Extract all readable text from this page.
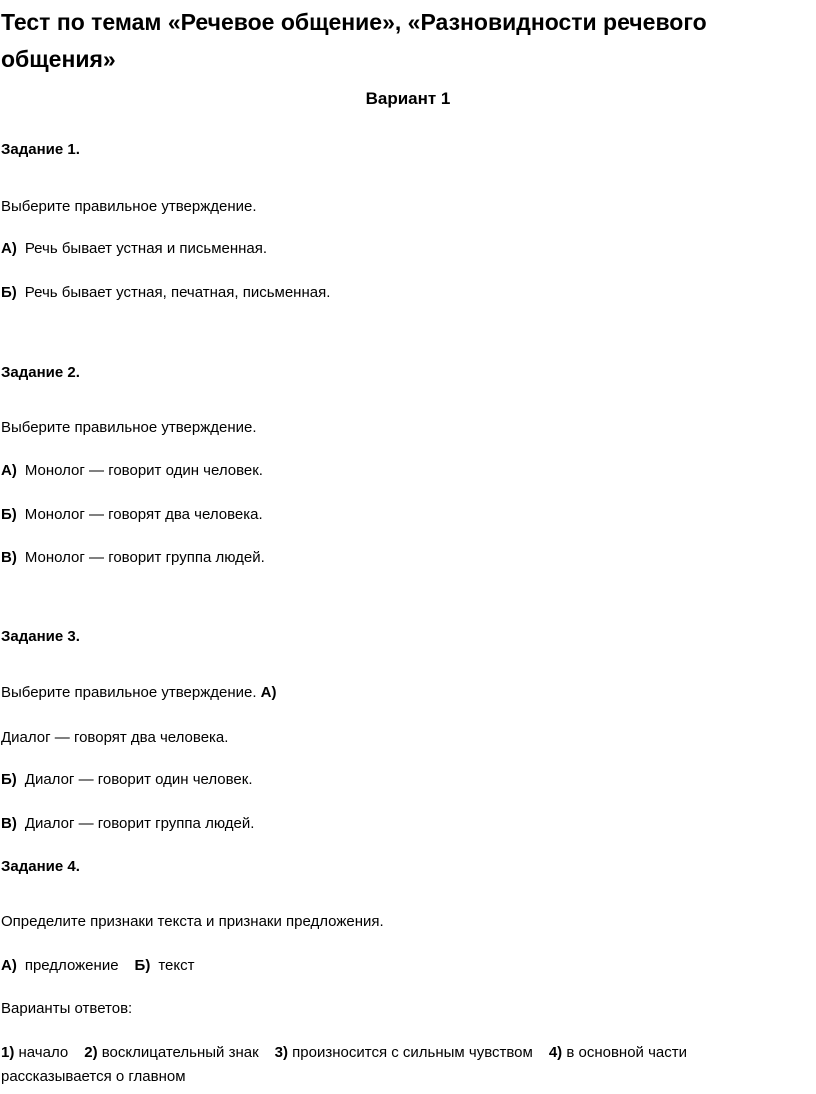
Тест по темам «Речевое общение», «Разновидности речевого общения»
Вариант 1
Задание 1.
Выберите правильное утверждение.
А) Речь бывает устная и письменная.
Б) Речь бывает устная, печатная, письменная.
Задание 2.
Выберите правильное утверждение.
А) Монолог — говорит один человек.
Б) Монолог — говорят два человека.
В) Монолог — говорит группа людей.
Задание 3.
Выберите правильное утверждение. А)
Диалог — говорят два человека.
Б) Диалог — говорит один человек.
В) Диалог — говорит группа людей.
Задание 4.
Определите признаки текста и признаки предложения.
А) предложение Б) текст
Варианты ответов:
1) начало 2) восклицательный знак 3) произносится с сильным чувством 4) в основной части
рассказывается о главном
